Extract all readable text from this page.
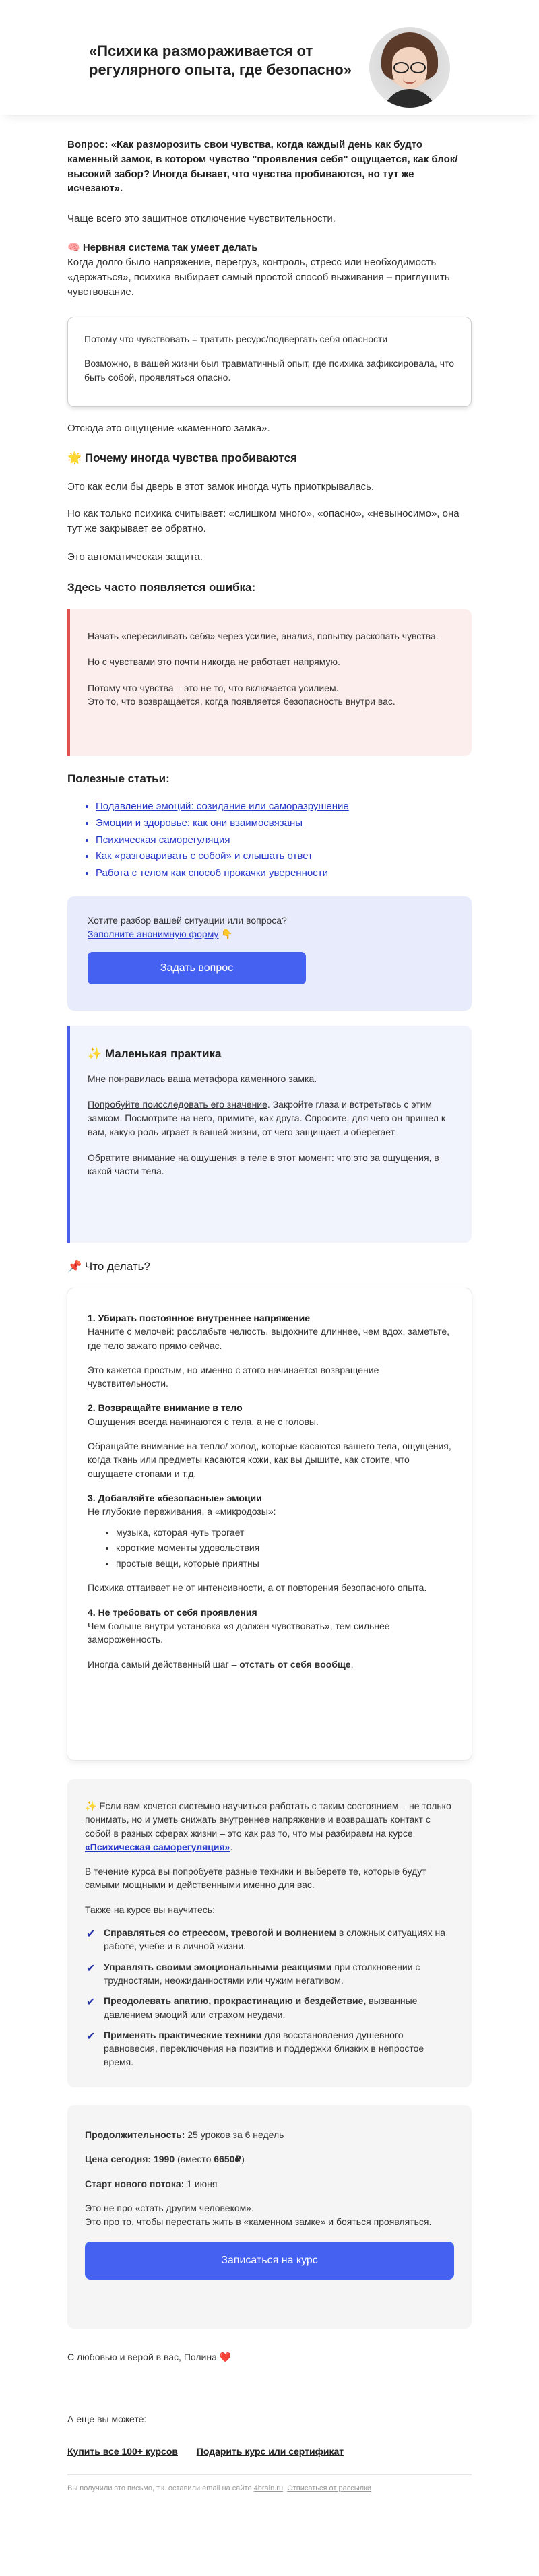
«Психика размораживается от регулярного опыта, где безопасно»

Вопрос: «Как разморозить свои чувства, когда каждый день как будто каменный замок, в котором чувство "проявления себя" ощущается, как блок/высокий забор? Иногда бывает, что чувства пробиваются, но тут же исчезают».

Чаще всего это защитное отключение чувствительности.

🧠 Нервная система так умеет делать

Когда долго было напряжение, перегруз, контроль, стресс или необходимость «держаться», психика выбирает самый простой способ выживания – приглушить чувствование.

Потому что чувствовать = тратить ресурс/подвергать себя опасности

Возможно, в вашей жизни был травматичный опыт, где психика зафиксировала, что быть собой, проявляться опасно.

Отсюда это ощущение «каменного замка».

🌟 Почему иногда чувства пробиваются

Это как если бы дверь в этот замок иногда чуть приоткрывалась.

Но как только психика считывает: «слишком много», «опасно», «невыносимо», она тут же закрывает ее обратно.

Это автоматическая защита.

Здесь часто появляется ошибка:

Начать «пересиливать себя» через усилие, анализ, попытку раскопать чувства.

Но с чувствами это почти никогда не работает напрямую.

Потому что чувства – это не то, что включается усилием.

Это то, что возвращается, когда появляется безопасность внутри вас.

Полезные статьи:

• Подавление эмоций: созидание или саморазрушение
• Эмоции и здоровье: как они взаимосвязаны
• Психическая саморегуляция
• Как «разговаривать с собой» и слышать ответ
• Работа с телом как способ прокачки уверенности

Хотите разбор вашей ситуации или вопроса?

Заполните анонимную форму 👇

Задать вопрос

✨ Маленькая практика

Мне понравилась ваша метафора каменного замка.

Попробуйте поисследовать его значение. Закройте глаза и встретьтесь с этим замком. Посмотрите на него, примите, как друга. Спросите, для чего он пришел к вам, какую роль играет в вашей жизни, от чего защищает и оберегает.

Обратите внимание на ощущения в теле в этот момент: что это за ощущения, в какой части тела.

📌 Что делать?

1. Убирать постоянное внутреннее напряжение

Начните с мелочей: расслабьте челюсть, выдохните длиннее, чем вдох, заметьте, где тело зажато прямо сейчас.

Это кажется простым, но именно с этого начинается возвращение чувствительности.

2. Возвращайте внимание в тело

Ощущения всегда начинаются с тела, а не с головы.

Обращайте внимание на теплo/ холод, которые касаются вашего тела, ощущения, когда ткань или предметы касаются кожи, как вы дышите, как стоите, что ощущаете стопами и т.д.

3. Добавляйте «безопасные» эмоции

Не глубокие переживания, а «микродозы»:

• музыка, которая чуть трогает
• короткие моменты удовольствия
• простые вещи, которые приятны

Психика оттаивает не от интенсивности, а от повторения безопасного опыта.

4. Не требовать от себя проявления

Чем больше внутри установка «я должен чувствовать», тем сильнее замороженность.

Иногда самый действенный шаг – отстать от себя вообще.

✨ Если вам хочется системно научиться работать с таким состоянием – не только понимать, но и уметь снижать внутреннее напряжение и возвращать контакт с собой в разных сферах жизни – это как раз то, что мы разбираем на курсе «Психическая саморегуляция».

В течение курса вы попробуете разные техники и выберете те, которые будут самыми мощными и действенными именно для вас.

Также на курсе вы научитесь:

✔ Справляться со стрессом, тревогой и волнением в сложных ситуациях на работе, учебе и в личной жизни.
✔ Управлять своими эмоциональными реакциями при столкновении с трудностями, неожиданностями или чужим негативом.
✔ Преодолевать апатию, прокрастинацию и бездействие, вызванные давлением эмоций или страхом неудачи.
✔ Применять практические техники для восстановления душевного равновесия, переключения на позитив и поддержки близких в непростое время.

Продолжительность: 25 уроков за 6 недель

Цена сегодня: 1990 (вместо 6650₽)

Старт нового потока: 1 июня

Это не про «стать другим человеком».

Это про то, чтобы перестать жить в «каменном замке» и бояться проявляться.

Записаться на курс

С любовью и верой в вас, Полина ❤️

А еще вы можете:

Купить все 100+ курсов Подарить курс или сертификат

Вы получили это письмо, т.к. оставили email на сайте 4brain.ru. Отписаться от рассылки
